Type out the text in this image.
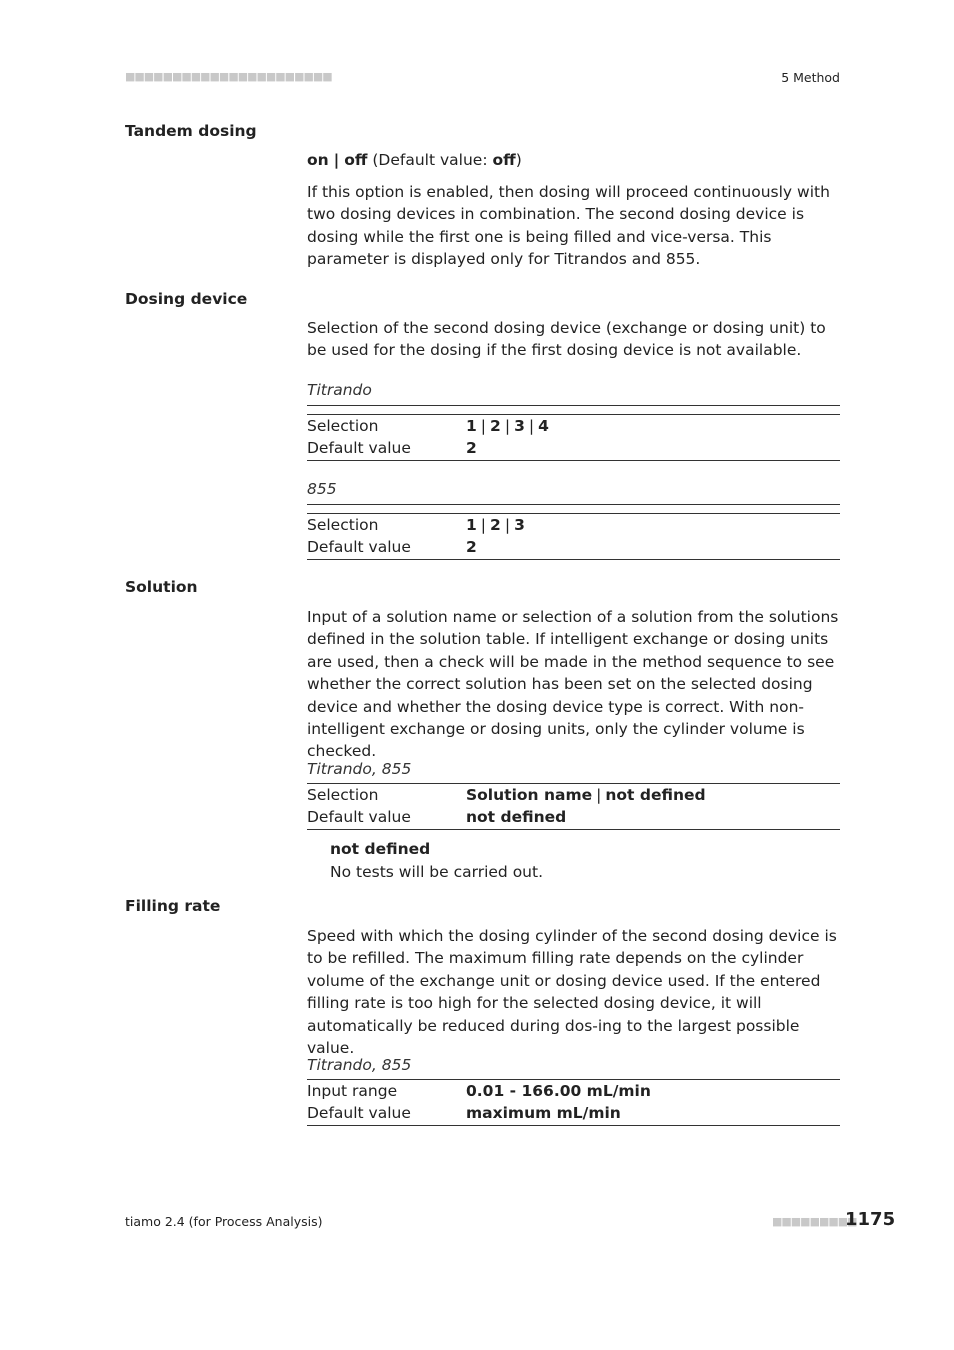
■■■■■■■■■■■■■■■■■■■■■■	5 Method
Tandem dosing

on | off (Default value: off)

If this option is enabled, then dosing will proceed continuously with two dosing devices in combination. The second dosing device is dosing while the first one is being filled and vice-versa. This parameter is displayed only for Titrandos and 855.

Dosing device

Selection of the second dosing device (exchange or dosing unit) to be used for the dosing if the first dosing device is not available.

Titrando
Selection	1 | 2 | 3 | 4
Default value	2
855
Selection	1 | 2 | 3
Default value	2
Solution

Input of a solution name or selection of a solution from the solutions defined in the solution table. If intelligent exchange or dosing units are used, then a check will be made in the method sequence to see whether the correct solution has been set on the selected dosing device and whether the dosing device type is correct. With non-intelligent exchange or dosing units, only the cylinder volume is checked.

Titrando, 855
Selection	Solution name | not defined
Default value	not defined
not defined
No tests will be carried out.
Filling rate

Speed with which the dosing cylinder of the second dosing device is to be refilled. The maximum filling rate depends on the cylinder volume of the exchange unit or dosing device used. If the entered filling rate is too high for the selected dosing device, it will automatically be reduced during dos-ing to the largest possible value.

Titrando, 855
Input range	0.01 - 166.00 mL/min
Default value	maximum mL/min
tiamo 2.4 (for Process Analysis)	■■■■■■■■■
1175
